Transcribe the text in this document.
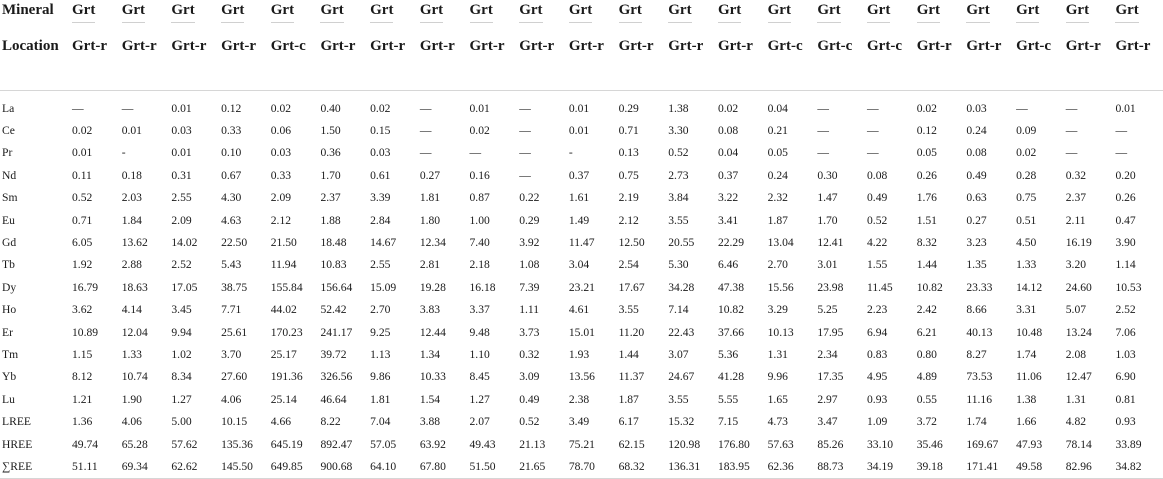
Mineral	Grt	Grt	Grt	Grt	Grt	Grt	Grt	Grt	Grt	Grt	Grt	Grt	Grt	Grt	Grt	Grt	Grt	Grt	Grt	Grt	Grt	Grt
Location	Grt-r	Grt-r	Grt-r	Grt-r	Grt-c	Grt-r	Grt-r	Grt-r	Grt-r	Grt-r	Grt-r	Grt-r	Grt-r	Grt-r	Grt-c	Grt-c	Grt-c	Grt-r	Grt-r	Grt-c	Grt-r	Grt-r
La	—	—	0.01	0.12	0.02	0.40	0.02	—	0.01	—	0.01	0.29	1.38	0.02	0.04	—	—	0.02	0.03	—	—	0.01
Ce	0.02	0.01	0.03	0.33	0.06	1.50	0.15	—	0.02	—	0.01	0.71	3.30	0.08	0.21	—	—	0.12	0.24	0.09	—	—
Pr	0.01	-	0.01	0.10	0.03	0.36	0.03	—	—	—	-	0.13	0.52	0.04	0.05	—	—	0.05	0.08	0.02	—	—
Nd	0.11	0.18	0.31	0.67	0.33	1.70	0.61	0.27	0.16	—	0.37	0.75	2.73	0.37	0.24	0.30	0.08	0.26	0.49	0.28	0.32	0.20
Sm	0.52	2.03	2.55	4.30	2.09	2.37	3.39	1.81	0.87	0.22	1.61	2.19	3.84	3.22	2.32	1.47	0.49	1.76	0.63	0.75	2.37	0.26
Eu	0.71	1.84	2.09	4.63	2.12	1.88	2.84	1.80	1.00	0.29	1.49	2.12	3.55	3.41	1.87	1.70	0.52	1.51	0.27	0.51	2.11	0.47
Gd	6.05	13.62	14.02	22.50	21.50	18.48	14.67	12.34	7.40	3.92	11.47	12.50	20.55	22.29	13.04	12.41	4.22	8.32	3.23	4.50	16.19	3.90
Tb	1.92	2.88	2.52	5.43	11.94	10.83	2.55	2.81	2.18	1.08	3.04	2.54	5.30	6.46	2.70	3.01	1.55	1.44	1.35	1.33	3.20	1.14
Dy	16.79	18.63	17.05	38.75	155.84	156.64	15.09	19.28	16.18	7.39	23.21	17.67	34.28	47.38	15.56	23.98	11.45	10.82	23.33	14.12	24.60	10.53
Ho	3.62	4.14	3.45	7.71	44.02	52.42	2.70	3.83	3.37	1.11	4.61	3.55	7.14	10.82	3.29	5.25	2.23	2.42	8.66	3.31	5.07	2.52
Er	10.89	12.04	9.94	25.61	170.23	241.17	9.25	12.44	9.48	3.73	15.01	11.20	22.43	37.66	10.13	17.95	6.94	6.21	40.13	10.48	13.24	7.06
Tm	1.15	1.33	1.02	3.70	25.17	39.72	1.13	1.34	1.10	0.32	1.93	1.44	3.07	5.36	1.31	2.34	0.83	0.80	8.27	1.74	2.08	1.03
Yb	8.12	10.74	8.34	27.60	191.36	326.56	9.86	10.33	8.45	3.09	13.56	11.37	24.67	41.28	9.96	17.35	4.95	4.89	73.53	11.06	12.47	6.90
Lu	1.21	1.90	1.27	4.06	25.14	46.64	1.81	1.54	1.27	0.49	2.38	1.87	3.55	5.55	1.65	2.97	0.93	0.55	11.16	1.38	1.31	0.81
LREE	1.36	4.06	5.00	10.15	4.66	8.22	7.04	3.88	2.07	0.52	3.49	6.17	15.32	7.15	4.73	3.47	1.09	3.72	1.74	1.66	4.82	0.93
HREE	49.74	65.28	57.62	135.36	645.19	892.47	57.05	63.92	49.43	21.13	75.21	62.15	120.98	176.80	57.63	85.26	33.10	35.46	169.67	47.93	78.14	33.89
∑REE	51.11	69.34	62.62	145.50	649.85	900.68	64.10	67.80	51.50	21.65	78.70	68.32	136.31	183.95	62.36	88.73	34.19	39.18	171.41	49.58	82.96	34.82
